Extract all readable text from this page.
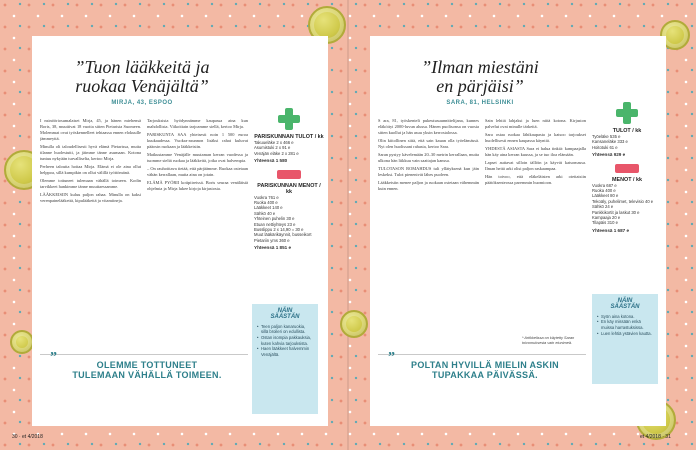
”Tuon lääkkeitä ja
ruokaa Venäjältä”
MIRJA, 43, ESPOO

I nsinööriosumalaiset Mirja, 45, ja hänen miehensä Boris, 38, muuttivat 18 vuotta sitten Pietarista Suomeen. Molemmat ovat työskennelleet tehtaassa ennen elokuulle jämmeyttä.

Minulla oli taloudellisesti hyvä elämä Pietarissa, mutta tilanne huolestutti, ja jäimme tänne asumaan. Kotona tuntuu nykyään turvalliselta, kertoo Mirja.

Perheen taloutta hoitaa Mirja. Elämä ei ole aina ollut helppoa, sillä kumpikin on ollut välillä työttömänä.

Olemme tottuneet tulemaan vähällä toimeen. Kodin tarvikkeet hankimme tänne muuttaessamme.

LÄÄKKEISIIN kuluu paljon rahaa. Minulla on kaksi verenpainelääkettä, kipulääkettä ja vitamiineja.

Tarjouksista hyödynnämme kaupassa aina kun mahdollista. Viikoittain tarjoamme siellä, kertoo Mirja.

PARISKUNTA SAA yhteisesti noin 1 500 euroa kuukaudessa. Vuokra-asunnon lisäksi rahat kuluvat pääosin ruokaan ja lääkkeisiin.

Matkustamme Venäjälle muutaman kerran vuodessa ja tuomme sieltä ruokaa ja lääkkeitä, jotka ovat halvempia.

– On rauhoittava tietää, että pärjäämme. Ruokaa ostetaan vähän kerrallaan, mutta aina on jotain.

ELÄMÄ PYÖRII kotipiireissä. Boris seuraa venäläisiä ohjelmia ja Mirja lukee kirjoja kirjastosta.

PARISKUNNAN TULOT / kk
Takuueläke 2 x 466 e
Asumistuki 2 x 91 e
Venäjän eläke 2 x 281 e
Yhteensä 1 580
PARISKUNNAN MENOT / kk
Vuokra 761 e
Ruoka 400 e
Lääkkeet 140 e
Sähkö 40 e
Yhteinen puhelin 30 e
Etuan nettiyhteys 23 e
Busslippu 2 x 14,90 = 30 e
Muut lääkärikäynnit, busseikort Pietariin yms 360 e
Yhteensä 1 851 e
NÄIN
SÄÄSTÄN
• Teen paljon kanaruokia, sillä broileri on edullista.
• Ostan isompia pakkauksia, kuten kahvia tarjouksista.
• Haen lääkkeet halvemmin Venäjältä.
”	OLEMME TOTTUNEET
TULEMAAN VÄHÄLLÄ TOIMEEN.
”Ilman miestäni
en pärjäisi”
SARA, 81, HELSINKI

S ara, 81, työskenteli pukeutusuunnittelijana, kunnes eläköityi 2000-luvun alussa. Hänen puolisonsa on vuosia sitten kuollut ja hän asuu yksin kerrostalossa.

Olin kiitollinen siitä, että sain kauan olla työelämässä. Nyt olen huolissani rahasta, kertoo Sara.

Saran pystyy kävelemään 20–30 metrin kerrallaan, mutta ulkona hän liikkuu vain saattajan kanssa.

TULOTASON ROMAHDUS tuli yllätyksenä kun jäin leskeksi. Tulot pienenivät lähes puoleen.

Lääkkeisiin menee paljon ja ruokaan ostetaan vähemmän kuin ennen.

Sain lehtiä lahjaksi ja luen niitä kotona. Kirjaston palvelut ovat minulle tärkeitä.

Sara ostaa ruokaa lähikaupasta ja katsoo tarjoukset huolellisesti ennen kaupassa käyntiä.

YHDESTÄ ASIASTA Sara ei halua tinkiä: kampaajalla hän käy aina kerran kuussa, ja se tuo iloa elämään.

Lapset auttavat silloin tällöin ja käyvät katsomassa. Ilman heitä arki olisi paljon raskaampaa.

Hän toivoo, että eläkeläisten arki otettaisiin päätöksenteossa paremmin huomioon.

TULOT / kk
Työeläke 535 e
Kansaneläke 333 e
Hoitotuki 61 e
Yhteensä 929 e
MENOT / kk
Vuokra 687 e
Ruoka 400 e
Lääkkeet 80 e
Tekoäly, puhelimet, televisio 40 e
Sähkö 24 e
Pankkikortit ja laskut 30 e
Kampaaja 20 e
Tilapäis 310 e
Yhteensä 1 687 e
NÄIN
SÄÄSTÄN
• Syön aina kotona.
• En käy missään enkä muissa harrastuksissa.
• Luen lehtiä ystävien kautta.
* Artikkelissa on käytetty Saran toivomuksesta vain etunimeä.
”	POLTAN HYVILLÄ MIELIN ASKIN
TUPAKKAA PÄIVÄSSÄ.
30 · et 4/2018	et 4/2018 · 31
